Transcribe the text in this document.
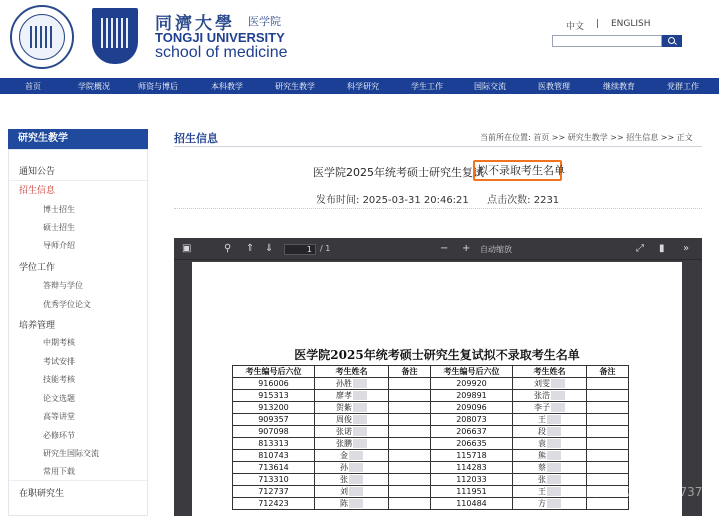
同濟大學 医学院
TONGJI UNIVERSITY
school of medicine
中文 | ENGLISH
首页	学院概况	师资与博后	本科教学	研究生教学	科学研究	学生工作	国际交流	医教管理	继续教育	党群工作
研究生教学
通知公告
招生信息
博士招生
硕士招生
导师介绍
学位工作
答辩与学位
优秀学位论文
培养管理
中期考核
考试安排
技能考核
论文选题
高等讲堂
必修环节
研究生国际交流
常用下载
在职研究生
招生信息	当前所在位置: 首页 >> 研究生教学 >> 招生信息 >> 正文
医学院2025年统考硕士研究生复试
拟不录取考生名单
发布时间: 2025-03-31 20:46:21 点击次数: 2231
▣	⚲ ⇑ ⇓	1	/ 1	− + 自动缩放	⤢ ▮ »
医学院2025年统考硕士研究生复试拟不录取考生名单
考生编号后六位	考生姓名	备注	考生编号后六位	考生姓名	备注
916006	孙胜		209920	刘雯	
915313	廖孝		209891	张浩	
913200	贺紫		209096	李子	
909357	周俊		208073	王	
907098	张诺		206637	段	
813313	张鹏		206635	袁	
810743	金		115718	熊	
713614	孙		114283	蔡	
713310	张		112033	张	
712737	刘		111951	王	
712423	陈		110484	方	
书
小红书号：26074097370
